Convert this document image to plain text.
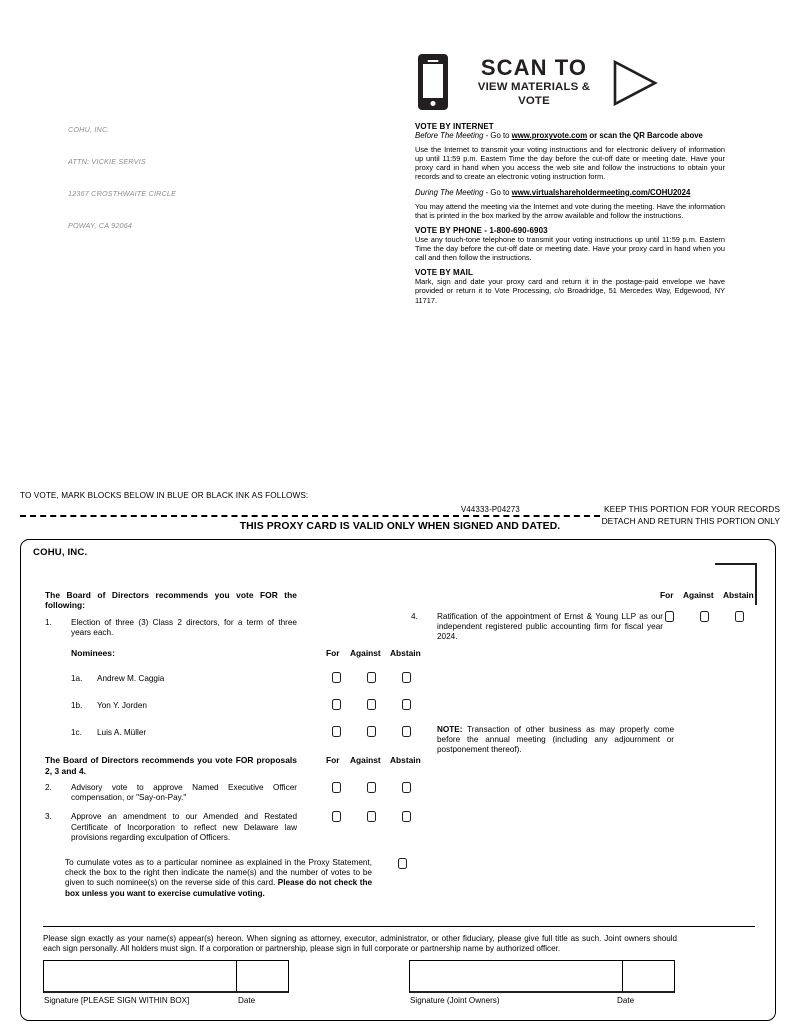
COHU, INC.

ATTN: VICKIE SERVIS

12367 CROSTHWAITE CIRCLE

POWAY, CA 92064

SCAN TO
VIEW MATERIALS & VOTE
VOTE BY INTERNET
Before The Meeting - Go to www.proxyvote.com or scan the QR Barcode above

Use the Internet to transmit your voting instructions and for electronic delivery of information up until 11:59 p.m. Eastern Time the day before the cut-off date or meeting date. Have your proxy card in hand when you access the web site and follow the instructions to obtain your records and to create an electronic voting instruction form.

During The Meeting - Go to www.virtualshareholdermeeting.com/COHU2024

You may attend the meeting via the Internet and vote during the meeting. Have the information that is printed in the box marked by the arrow available and follow the instructions.

VOTE BY PHONE - 1-800-690-6903

Use any touch-tone telephone to transmit your voting instructions up until 11:59 p.m. Eastern Time the day before the cut-off date or meeting date. Have your proxy card in hand when you call and then follow the instructions.

VOTE BY MAIL

Mark, sign and date your proxy card and return it in the postage-paid envelope we have provided or return it to Vote Processing, c/o Broadridge, 51 Mercedes Way, Edgewood, NY 11717.

TO VOTE, MARK BLOCKS BELOW IN BLUE OR BLACK INK AS FOLLOWS:
V44333-P04273	KEEP THIS PORTION FOR YOUR RECORDS
DETACH AND RETURN THIS PORTION ONLY
THIS PROXY CARD IS VALID ONLY WHEN SIGNED AND DATED.
COHU, INC.
The Board of Directors recommends you vote FOR the following:
1.	Election of three (3) Class 2 directors, for a term of three years each.
Nominees:	For Against Abstain
1a.	Andrew M. Caggia
1b.	Yon Y. Jorden
1c.	Luis A. Müller
The Board of Directors recommends you vote FOR proposals 2, 3 and 4.
For Against Abstain
2.	Advisory vote to approve Named Executive Officer compensation, or "Say-on-Pay."
3.	Approve an amendment to our Amended and Restated Certificate of Incorporation to reflect new Delaware law provisions regarding exculpation of Officers.
For Against Abstain
4.	Ratification of the appointment of Ernst & Young LLP as our independent registered public accounting firm for fiscal year 2024.
NOTE: Transaction of other business as may properly come before the annual meeting (including any adjournment or postponement thereof).
To cumulate votes as to a particular nominee as explained in the Proxy Statement, check the box to the right then indicate the name(s) and the number of votes to be given to such nominee(s) on the reverse side of this card. Please do not check the box unless you want to exercise cumulative voting.
Please sign exactly as your name(s) appear(s) hereon. When signing as attorney, executor, administrator, or other fiduciary, please give full title as such. Joint owners should each sign personally. All holders must sign. If a corporation or partnership, please sign in full corporate or partnership name by authorized officer.
Signature [PLEASE SIGN WITHIN BOX]	Date	Signature (Joint Owners)	Date
